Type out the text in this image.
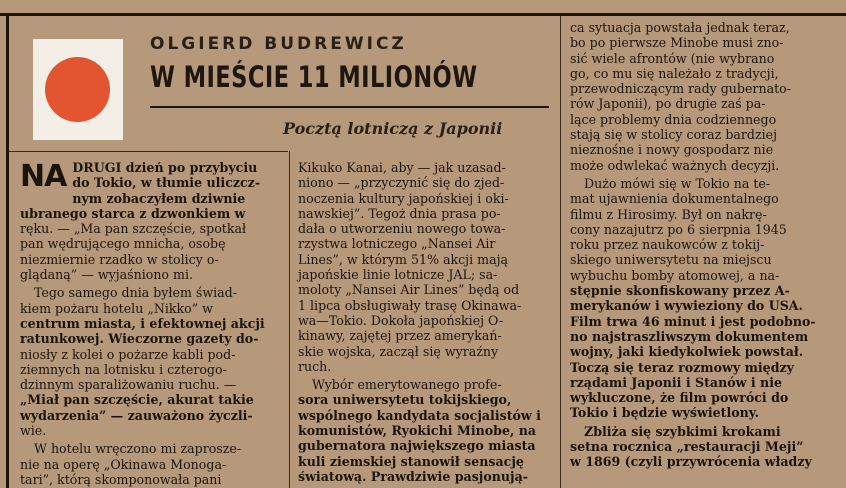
OLGIERD BUDREWICZ
W MIEŚCIE 11 MILIONÓW
Pocztą lotniczą z Japonii
NA DRUGI dzień po przybyciu
do Tokio, w tłumie uliczcz-
nym zobaczyłem dziwnie
ubranego starca z dzwonkiem w
ręku. — „Ma pan szczęście, spotkał
pan wędrującego mnicha, osobę
niezmiernie rzadko w stolicy o-
glądaną” — wyjaśniono mi.
Tego samego dnia byłem świad-
kiem pożaru hotelu „Nikko” w
centrum miasta, i efektownej akcji
ratunkowej. Wieczorne gazety do-
niosły z kolei o pożarze kabli pod-
ziemnych na lotnisku i czterogo-
dzinnym sparaliżowaniu ruchu. —
„Miał pan szczęście, akurat takie
wydarzenia” — zauważono życzli-
wie.
W hotelu wręczono mi zaprosze-
nie na operę „Okinawa Monoga-
tari”, którą skomponowała pani
Kikuko Kanai, aby — jak uzasad-
niono — „przyczynić się do zjed-
noczenia kultury japońskiej i oki-
nawskiej”. Tegoż dnia prasa po-
dała o utworzeniu nowego towa-
rzystwa lotniczego „Nansei Air
Lines”, w którym 51% akcji mają
japońskie linie lotnicze JAL; sa-
moloty „Nansei Air Lines” będą od
1 lipca obsługiwały trasę Okinawa-
wa—Tokio. Dokoła japońskiej O-
kinawy, zajętej przez amerykań-
skie wojska, zaczął się wyraźny
ruch.
Wybór emerytowanego profe-
sora uniwersytetu tokijskiego,
wspólnego kandydata socjalistów i
komunistów, Ryokichi Minobe, na
gubernatora największego miasta
kuli ziemskiej stanowił sensację
światową. Prawdziwie pasjonują-
ca sytuacja powstała jednak teraz,
bo po pierwsze Minobe musi zno-
sić wiele afrontów (nie wybrano
go, co mu się należało z tradycji,
przewodniczącym rady gubernato-
rów Japonii), po drugie zaś pa-
lące problemy dnia codziennego
stają się w stolicy coraz bardziej
nieznośne i nowy gospodarz nie
może odwlekać ważnych decyzji.
Dużo mówi się w Tokio na te-
mat ujawnienia dokumentalnego
filmu z Hirosimy. Był on nakrę-
cony nazajutrz po 6 sierpnia 1945
roku przez naukowców z tokij-
skiego uniwersytetu na miejscu
wybuchu bomby atomowej, a na-
stępnie skonfiskowany przez A-
merykanów i wywieziony do USA.
Film trwa 46 minut i jest podobno-
no najstraszliwszym dokumentem
wojny, jaki kiedykolwiek powstał.
Toczą się teraz rozmowy między
rządami Japonii i Stanów i nie
wykluczone, że film powróci do
Tokio i będzie wyświetlony.
Zbliża się szybkimi krokami
setna rocznica „restauracji Meji”
w 1869 (czyli przywrócenia władzy
